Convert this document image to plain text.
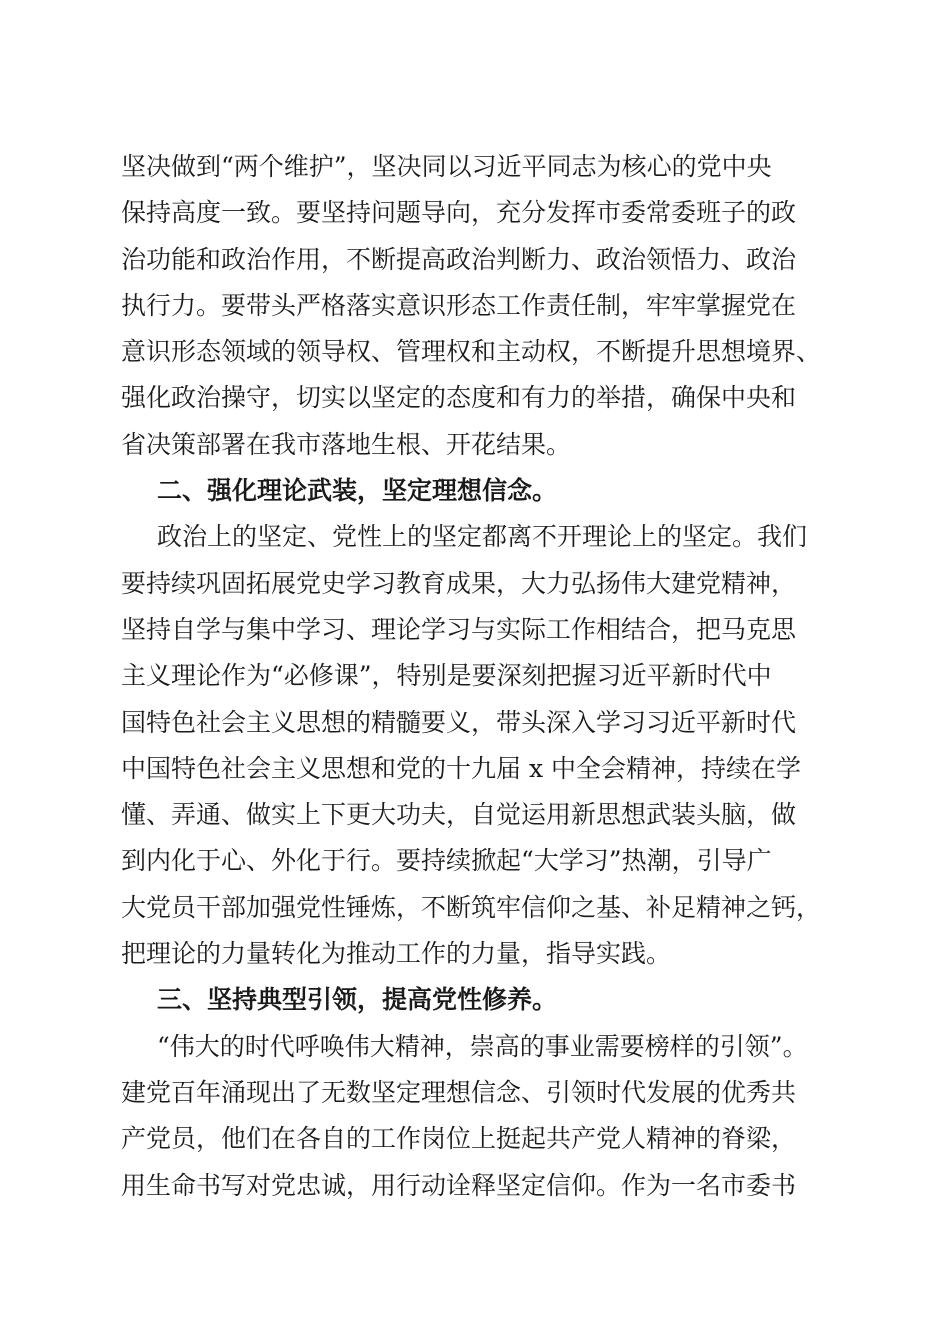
坚决做到“两个维护”，坚决同以习近平同志为核心的党中央
保持高度一致。要坚持问题导向，充分发挥市委常委班子的政
治功能和政治作用，不断提高政治判断力、政治领悟力、政治
执行力。要带头严格落实意识形态工作责任制，牢牢掌握党在
意识形态领域的领导权、管理权和主动权，不断提升思想境界、
强化政治操守，切实以坚定的态度和有力的举措，确保中央和
省决策部署在我市落地生根、开花结果。
二、强化理论武装，坚定理想信念。
政治上的坚定、党性上的坚定都离不开理论上的坚定。我们
要持续巩固拓展党史学习教育成果，大力弘扬伟大建党精神，
坚持自学与集中学习、理论学习与实际工作相结合，把马克思
主义理论作为“必修课”，特别是要深刻把握习近平新时代中
国特色社会主义思想的精髓要义，带头深入学习习近平新时代
中国特色社会主义思想和党的十九届 x 中全会精神，持续在学
懂、弄通、做实上下更大功夫，自觉运用新思想武装头脑，做
到内化于心、外化于行。要持续掀起“大学习”热潮，引导广
大党员干部加强党性锤炼，不断筑牢信仰之基、补足精神之钙，
把理论的力量转化为推动工作的力量，指导实践。
三、坚持典型引领，提高党性修养。
“伟大的时代呼唤伟大精神，崇高的事业需要榜样的引领”。
建党百年涌现出了无数坚定理想信念、引领时代发展的优秀共
产党员，他们在各自的工作岗位上挺起共产党人精神的脊梁，
用生命书写对党忠诚，用行动诠释坚定信仰。作为一名市委书
